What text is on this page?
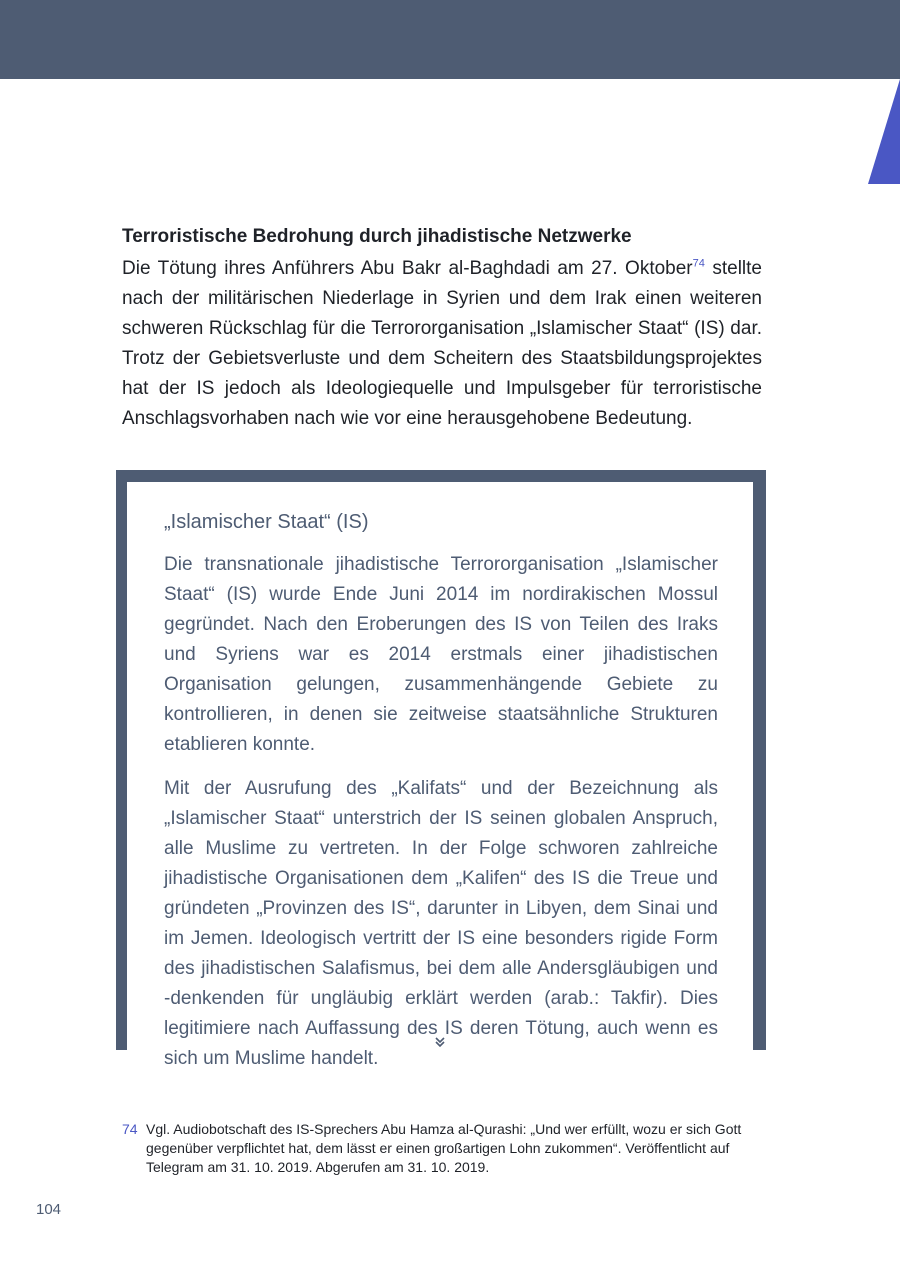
Terroristische Bedrohung durch jihadistische Netzwerke
Die Tötung ihres Anführers Abu Bakr al-Baghdadi am 27. Oktober$^{74}$ stellte nach der militärischen Niederlage in Syrien und dem Irak einen weiteren schweren Rückschlag für die Terrororganisation „Islamischer Staat“ (IS) dar. Trotz der Gebietsverluste und dem Scheitern des Staatsbildungsprojektes hat der IS jedoch als Ideologiequelle und Impulsgeber für terroristische Anschlagsvorhaben nach wie vor eine herausgehobene Bedeutung.
„Islamischer Staat“ (IS)

Die transnationale jihadistische Terrororganisation „Islamischer Staat“ (IS) wurde Ende Juni 2014 im nordirakischen Mossul gegründet. Nach den Eroberungen des IS von Teilen des Iraks und Syriens war es 2014 erstmals einer jihadistischen Organisation gelungen, zusammenhängende Gebiete zu kontrollieren, in denen sie zeitweise staatsähnliche Strukturen etablieren konnte.

Mit der Ausrufung des „Kalifats“ und der Bezeichnung als „Islamischer Staat“ unterstrich der IS seinen globalen Anspruch, alle Muslime zu vertreten. In der Folge schworen zahlreiche jihadistische Organisationen dem „Kalifen“ des IS die Treue und gründeten „Provinzen des IS“, darunter in Libyen, dem Sinai und im Jemen. Ideologisch vertritt der IS eine besonders rigide Form des jihadistischen Salafismus, bei dem alle Andersgläubigen und -denkenden für ungläubig erklärt werden (arab.: Takfir). Dies legitimiere nach Auffassung des IS deren Tötung, auch wenn es sich um Muslime handelt.

74 Vgl. Audiobotschaft des IS-Sprechers Abu Hamza al-Qurashi: „Und wer erfüllt, wozu er sich Gott gegenüber verpflichtet hat, dem lässt er einen großartigen Lohn zukommen“. Veröffentlicht auf Telegram am 31. 10. 2019. Abgerufen am 31. 10. 2019.
104
